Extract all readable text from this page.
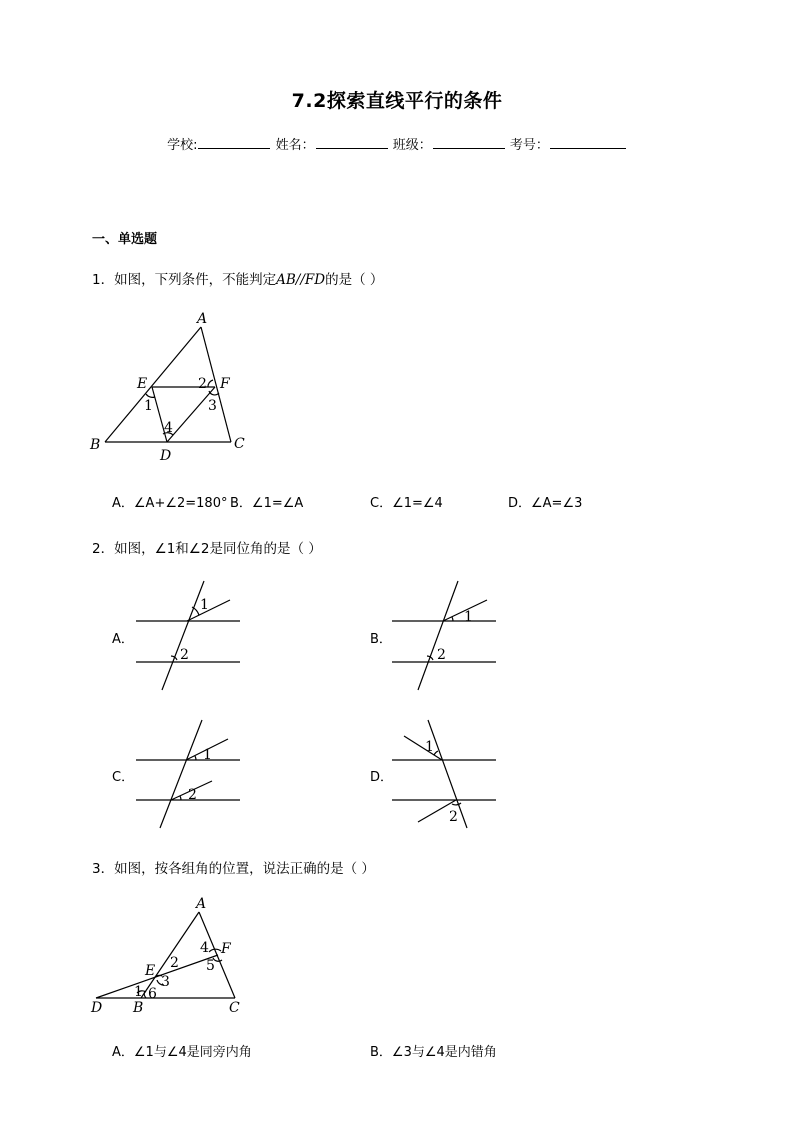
7.2探索直线平行的条件
学校:	姓名：	班级：	考号：
一、单选题
1．如图，下列条件，不能判定AB//FD的是（ ）
A
E	F
B	C
D
1
2
3
4
A．∠A+∠2=180° B．∠1=∠A	C．∠1=∠4	D．∠A=∠3
2．如图，∠1和∠2是同位角的是（ ）
A．	B．
C．	D．
1
2
1
2
1
2
1
2
3．如图，按各组角的位置，说法正确的是（ ）
A
F
E
D B	C
1
2
3
4
5
6
A．∠1与∠4是同旁内角	B．∠3与∠4是内错角
